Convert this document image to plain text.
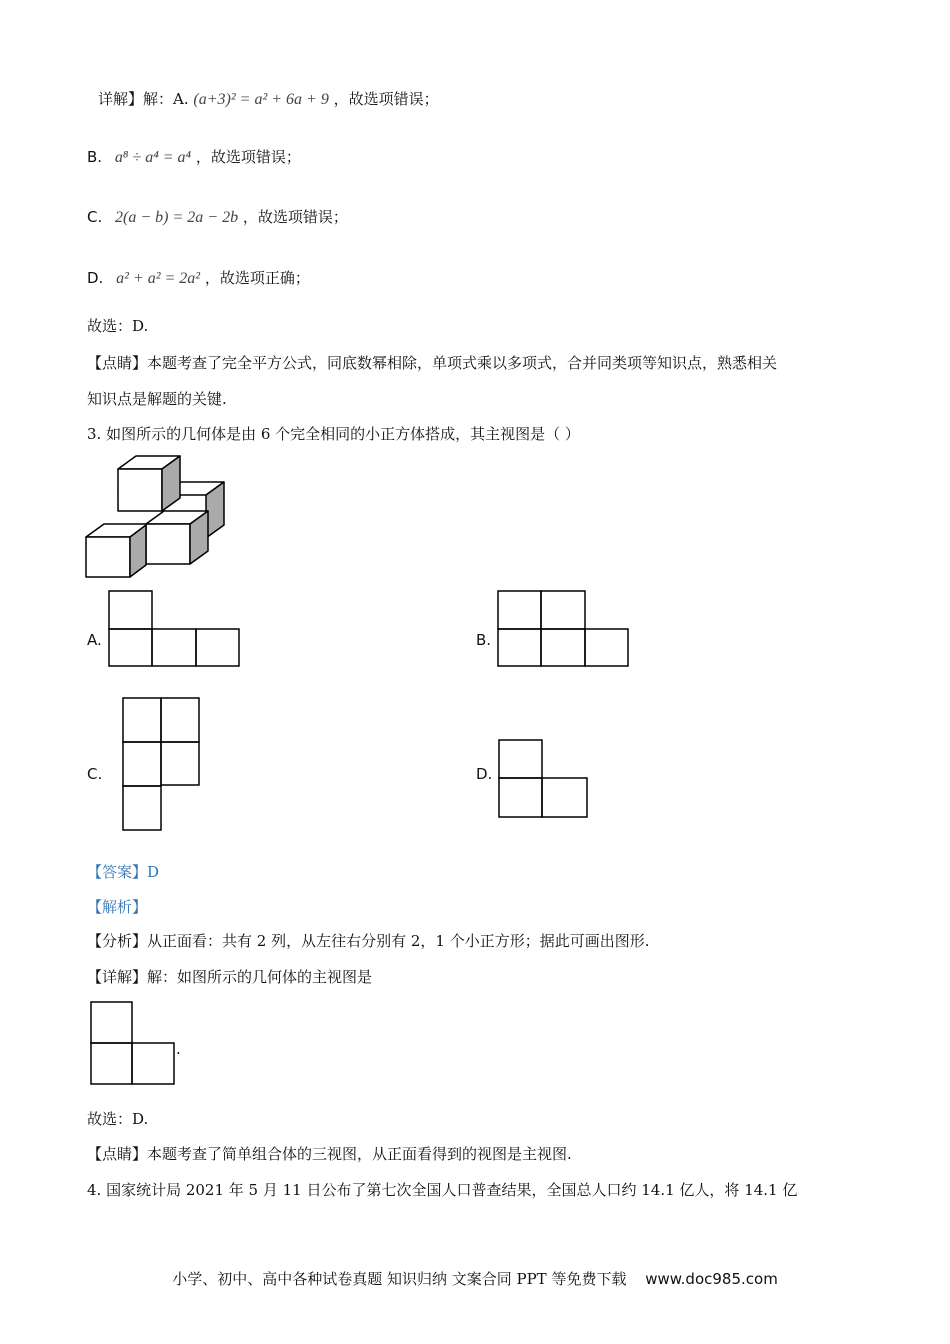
详解】解：A. (a+3)² = a² + 6a + 9 ，故选项错误；
B. a⁸ ÷ a⁴ = a⁴ ，故选项错误；
C. 2(a − b) = 2a − 2b ，故选项错误；
D. a² + a² = 2a² ，故选项正确；
故选：D.
【点睛】本题考查了完全平方公式，同底数幂相除，单项式乘以多项式，合并同类项等知识点，熟悉相关
知识点是解题的关键.
3. 如图所示的几何体是由 6 个完全相同的小正方体搭成，其主视图是（ ）
A.	B.
C.	D.
【答案】D
【解析】
【分析】从正面看：共有 2 列，从左往右分别有 2，1 个小正方形；据此可画出图形.
【详解】解：如图所示的几何体的主视图是
.
故选：D.
【点睛】本题考查了简单组合体的三视图，从正面看得到的视图是主视图.
4. 国家统计局 2021 年 5 月 11 日公布了第七次全国人口普查结果，全国总人口约 14.1 亿人，将 14.1 亿
小学、初中、高中各种试卷真题 知识归纳 文案合同 PPT 等免费下载 www.doc985.com
